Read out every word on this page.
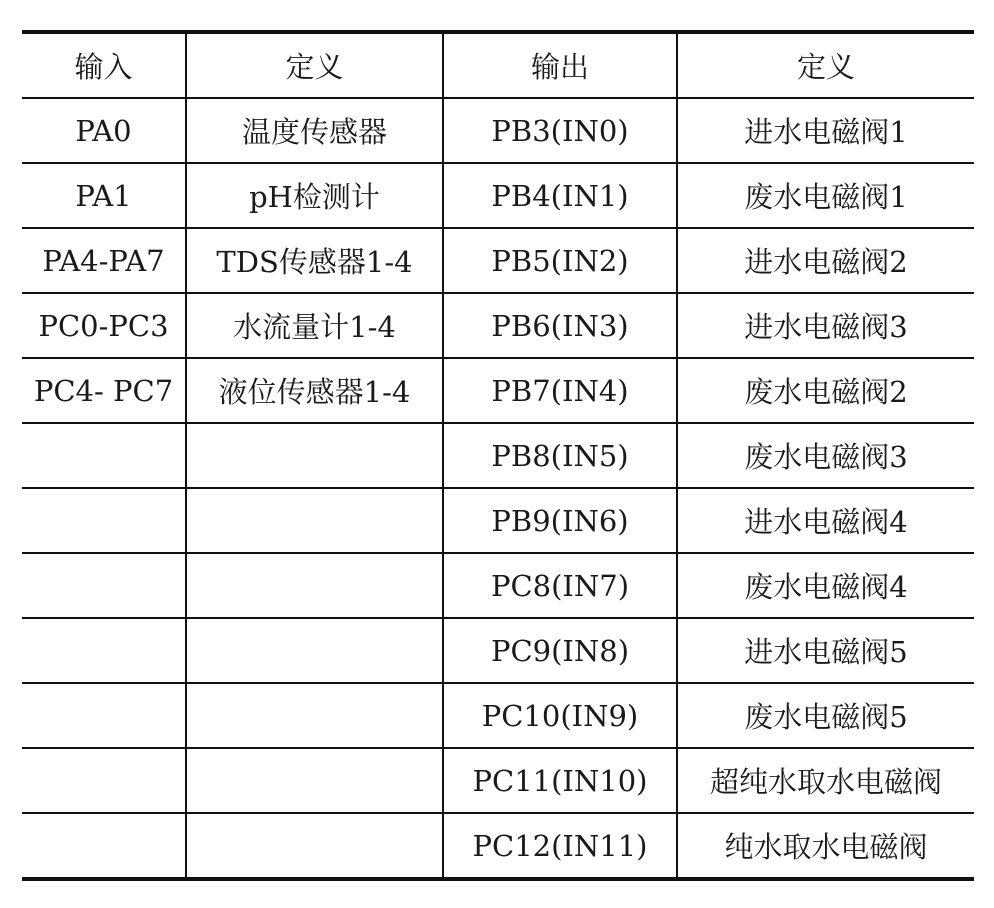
输入	定义	输出	定义
PA0	温度传感器	PB3(IN0)	进水电磁阀1
PA1	pH检测计	PB4(IN1)	废水电磁阀1
PA4-PA7	TDS传感器1-4	PB5(IN2)	进水电磁阀2
PC0-PC3	水流量计1-4	PB6(IN3)	进水电磁阀3
PC4- PC7	液位传感器1-4	PB7(IN4)	废水电磁阀2
		PB8(IN5)	废水电磁阀3
		PB9(IN6)	进水电磁阀4
		PC8(IN7)	废水电磁阀4
		PC9(IN8)	进水电磁阀5
		PC10(IN9)	废水电磁阀5
		PC11(IN10)	超纯水取水电磁阀
		PC12(IN11)	纯水取水电磁阀
